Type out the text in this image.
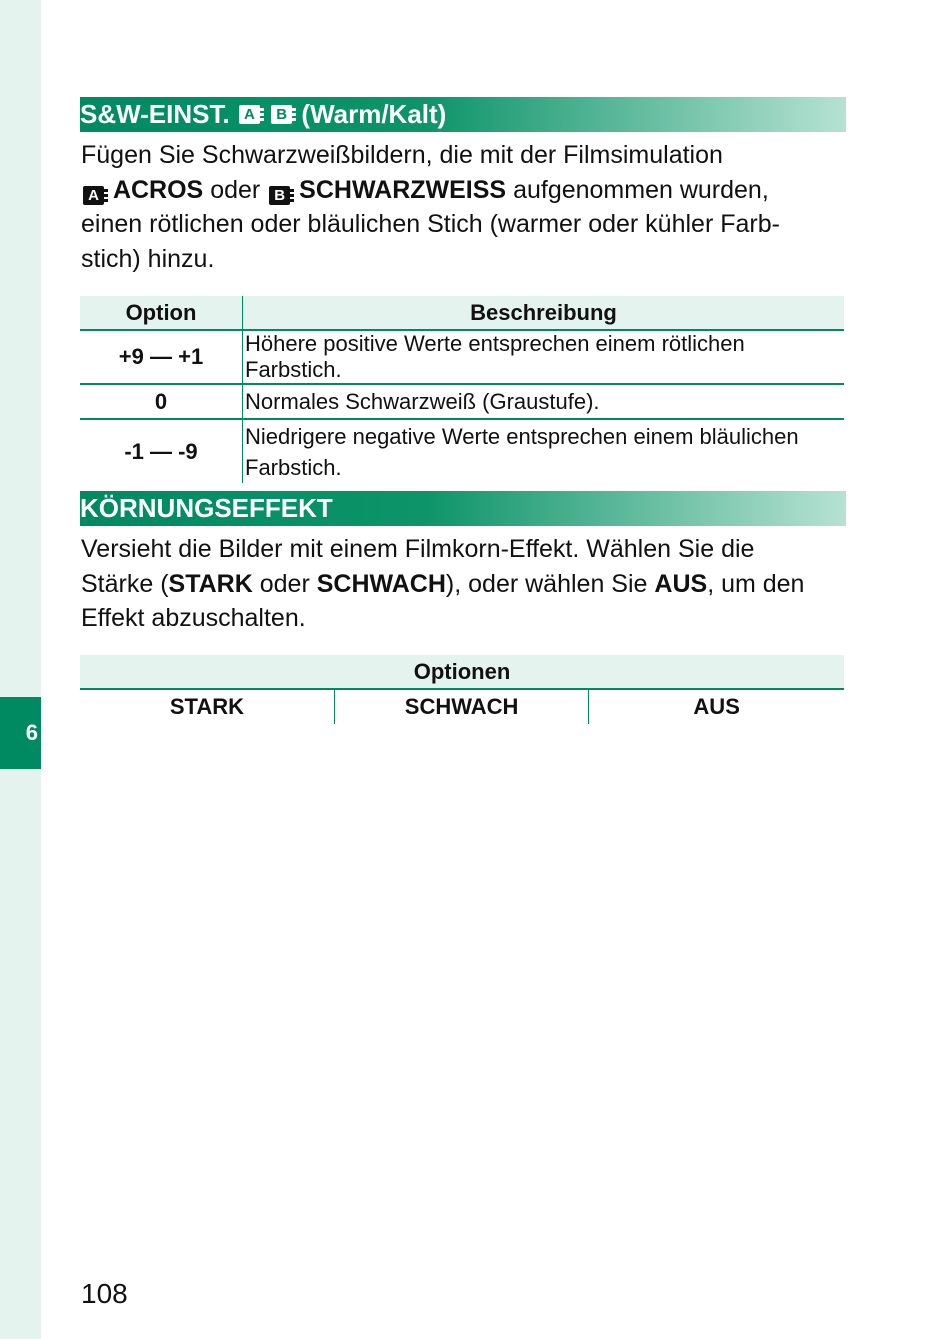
6
S&W-EINST.
A
	B
(Warm/Kalt)

Fügen Sie Schwarzweißbildern, die mit der Filmsimulation
A ACROS oder B SCHWARZWEISS aufgenommen wurden,
einen rötlichen oder bläulichen Stich (warmer oder kühler Farb-
stich) hinzu.

Option	Beschreibung
+9 — +1	Höhere positive Werte entsprechen einem rötlichen Farbstich.
0	Normales Schwarzweiß (Graustufe).
-1 — -9	Niedrigere negative Werte entsprechen einem bläulichen Farbstich.
KÖRNUNGSEFFEKT

Versieht die Bilder mit einem Filmkorn-Effekt. Wählen Sie die
Stärke (STARK oder SCHWACH), oder wählen Sie AUS, um den
Effekt abzuschalten.

Optionen
STARK	SCHWACH	AUS
108
